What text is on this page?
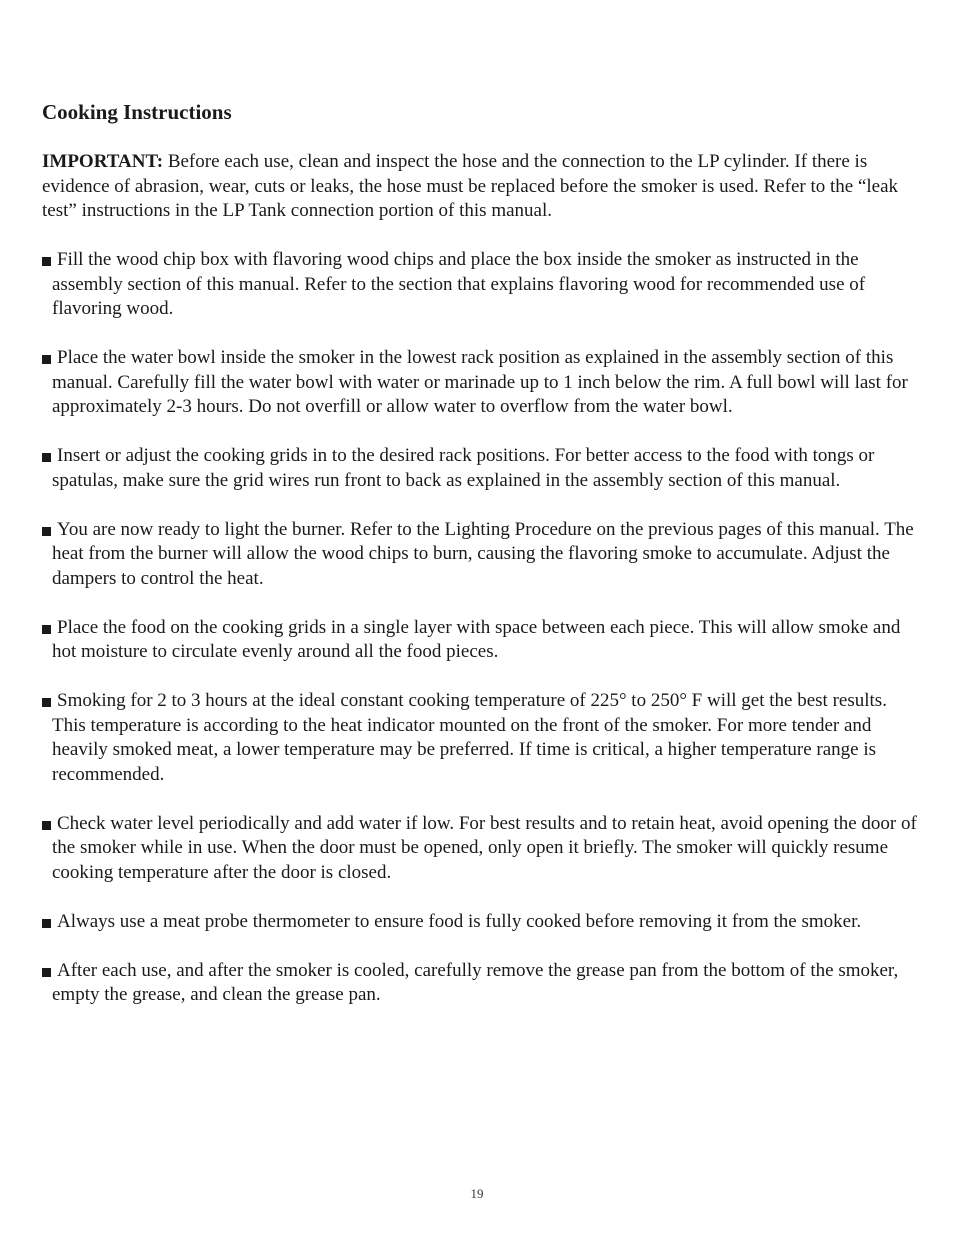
Cooking Instructions

IMPORTANT: Before each use, clean and inspect the hose and the connection to the LP cylinder. If there is evidence of abrasion, wear, cuts or leaks, the hose must be replaced before the smoker is used. Refer to the “leak test” instructions in the LP Tank connection portion of this manual.

Fill the wood chip box with flavoring wood chips and place the box inside the smoker as instructed in the assembly section of this manual. Refer to the section that explains flavoring wood for recommended use of flavoring wood.
Place the water bowl inside the smoker in the lowest rack position as explained in the assembly section of this manual. Carefully fill the water bowl with water or marinade up to 1 inch below the rim. A full bowl will last for approximately 2-3 hours. Do not overfill or allow water to overflow from the water bowl.
Insert or adjust the cooking grids in to the desired rack positions. For better access to the food with tongs or spatulas, make sure the grid wires run front to back as explained in the assembly section of this manual.
You are now ready to light the burner. Refer to the Lighting Procedure on the previous pages of this manual. The heat from the burner will allow the wood chips to burn, causing the flavoring smoke to accumulate. Adjust the dampers to control the heat.
Place the food on the cooking grids in a single layer with space between each piece. This will allow smoke and hot moisture to circulate evenly around all the food pieces.
Smoking for 2 to 3 hours at the ideal constant cooking temperature of 225° to 250° F will get the best results. This temperature is according to the heat indicator mounted on the front of the smoker. For more tender and heavily smoked meat, a lower temperature may be preferred. If time is critical, a higher temperature range is recommended.
Check water level periodically and add water if low. For best results and to retain heat, avoid opening the door of the smoker while in use. When the door must be opened, only open it briefly. The smoker will quickly resume cooking temperature after the door is closed.
Always use a meat probe thermometer to ensure food is fully cooked before removing it from the smoker.
After each use, and after the smoker is cooled, carefully remove the grease pan from the bottom of the smoker, empty the grease, and clean the grease pan.
19
